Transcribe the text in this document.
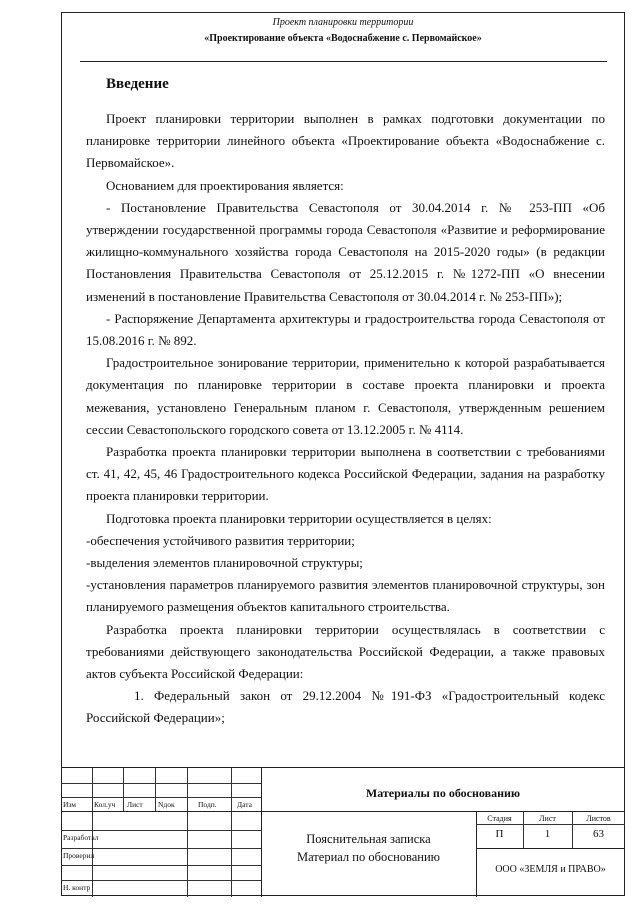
Проект планировки территории
«Проектирование объекта «Водоснабжение с. Первомайское»
Введение

Проект планировки территории выполнен в рамках подготовки документации по планировке территории линейного объекта «Проектирование объекта «Водоснабжение с. Первомайское».

Основанием для проектирования является:

- Постановление Правительства Севастополя от 30.04.2014 г. № 253-ПП «Об утверждении государственной программы города Севастополя «Развитие и реформирование жилищно-коммунального хозяйства города Севастополя на 2015-2020 годы» (в редакции Постановления Правительства Севастополя от 25.12.2015 г. №1272-ПП «О внесении изменений в постановление Правительства Севастополя от 30.04.2014 г. № 253-ПП»);

- Распоряжение Департамента архитектуры и градостроительства города Севастополя от 15.08.2016 г. № 892.

Градостроительное зонирование территории, применительно к которой разрабатывается документация по планировке территории в составе проекта планировки и проекта межевания, установлено Генеральным планом г. Севастополя, утвержденным решением сессии Севастопольского городского совета от 13.12.2005 г. № 4114.

Разработка проекта планировки территории выполнена в соответствии с требованиями ст. 41, 42, 45, 46 Градостроительного кодекса Российской Федерации, задания на разработку проекта планировки территории.

Подготовка проекта планировки территории осуществляется в целях:

-обеспечения устойчивого развития территории;

-выделения элементов планировочной структуры;

-установления параметров планируемого развития элементов планировочной структуры, зон планируемого размещения объектов капитального строительства.

Разработка проекта планировки территории осуществлялась в соответствии с требованиями действующего законодательства Российской Федерации, а также правовых актов субъекта Российской Федерации:

1. Федеральный закон от 29.12.2004 №191-ФЗ «Градостроительный кодекс Российской Федерации»;

Изм Кол.уч Лист Nдок	Подп.	Дата
Разработал
Проверил
Н. контр
Материалы по обоснованию
Пояснительная записка
Материал по обоснованию
Стадия	Лист	Листов
П	1	63
ООО «ЗЕМЛЯ и ПРАВО»
